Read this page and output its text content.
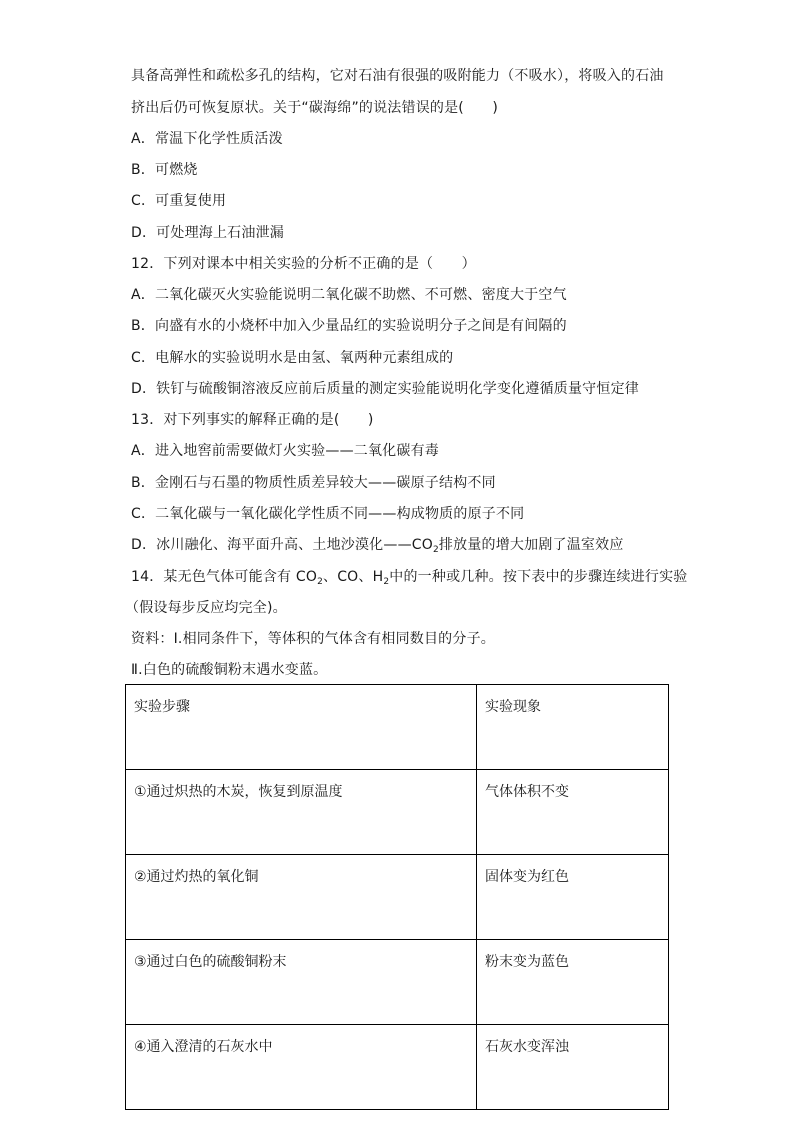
具备高弹性和疏松多孔的结构，它对石油有很强的吸附能力（不吸水），将吸入的石油
挤出后仍可恢复原状。关于“碳海绵”的说法错误的是(　　)
A．常温下化学性质活泼
B．可燃烧
C．可重复使用
D．可处理海上石油泄漏
12．下列对课本中相关实验的分析不正确的是（　　）
A．二氧化碳灭火实验能说明二氧化碳不助燃、不可燃、密度大于空气
B．向盛有水的小烧杯中加入少量品红的实验说明分子之间是有间隔的
C．电解水的实验说明水是由氢、氧两种元素组成的
D．铁钉与硫酸铜溶液反应前后质量的测定实验能说明化学变化遵循质量守恒定律
13．对下列事实的解释正确的是(　　)
A．进入地窖前需要做灯火实验——二氧化碳有毒
B．金刚石与石墨的物质性质差异较大——碳原子结构不同
C．二氧化碳与一氧化碳化学性质不同——构成物质的原子不同
D．冰川融化、海平面升高、土地沙漠化$——CO_2$排放量的增大加剧了温室效应
14．某无色气体可能含有 $CO_2$、CO、$H_2$中的一种或几种。按下表中的步骤连续进行实验
（假设每步反应均完全)。
资料：Ⅰ.相同条件下，等体积的气体含有相同数目的分子。
Ⅱ.白色的硫酸铜粉末遇水变蓝。
实验步骤	实验现象
①通过炽热的木炭，恢复到原温度	气体体积不变
②通过灼热的氧化铜	固体变为红色
③通过白色的硫酸铜粉末	粉末变为蓝色
④通入澄清的石灰水中	石灰水变浑浊
